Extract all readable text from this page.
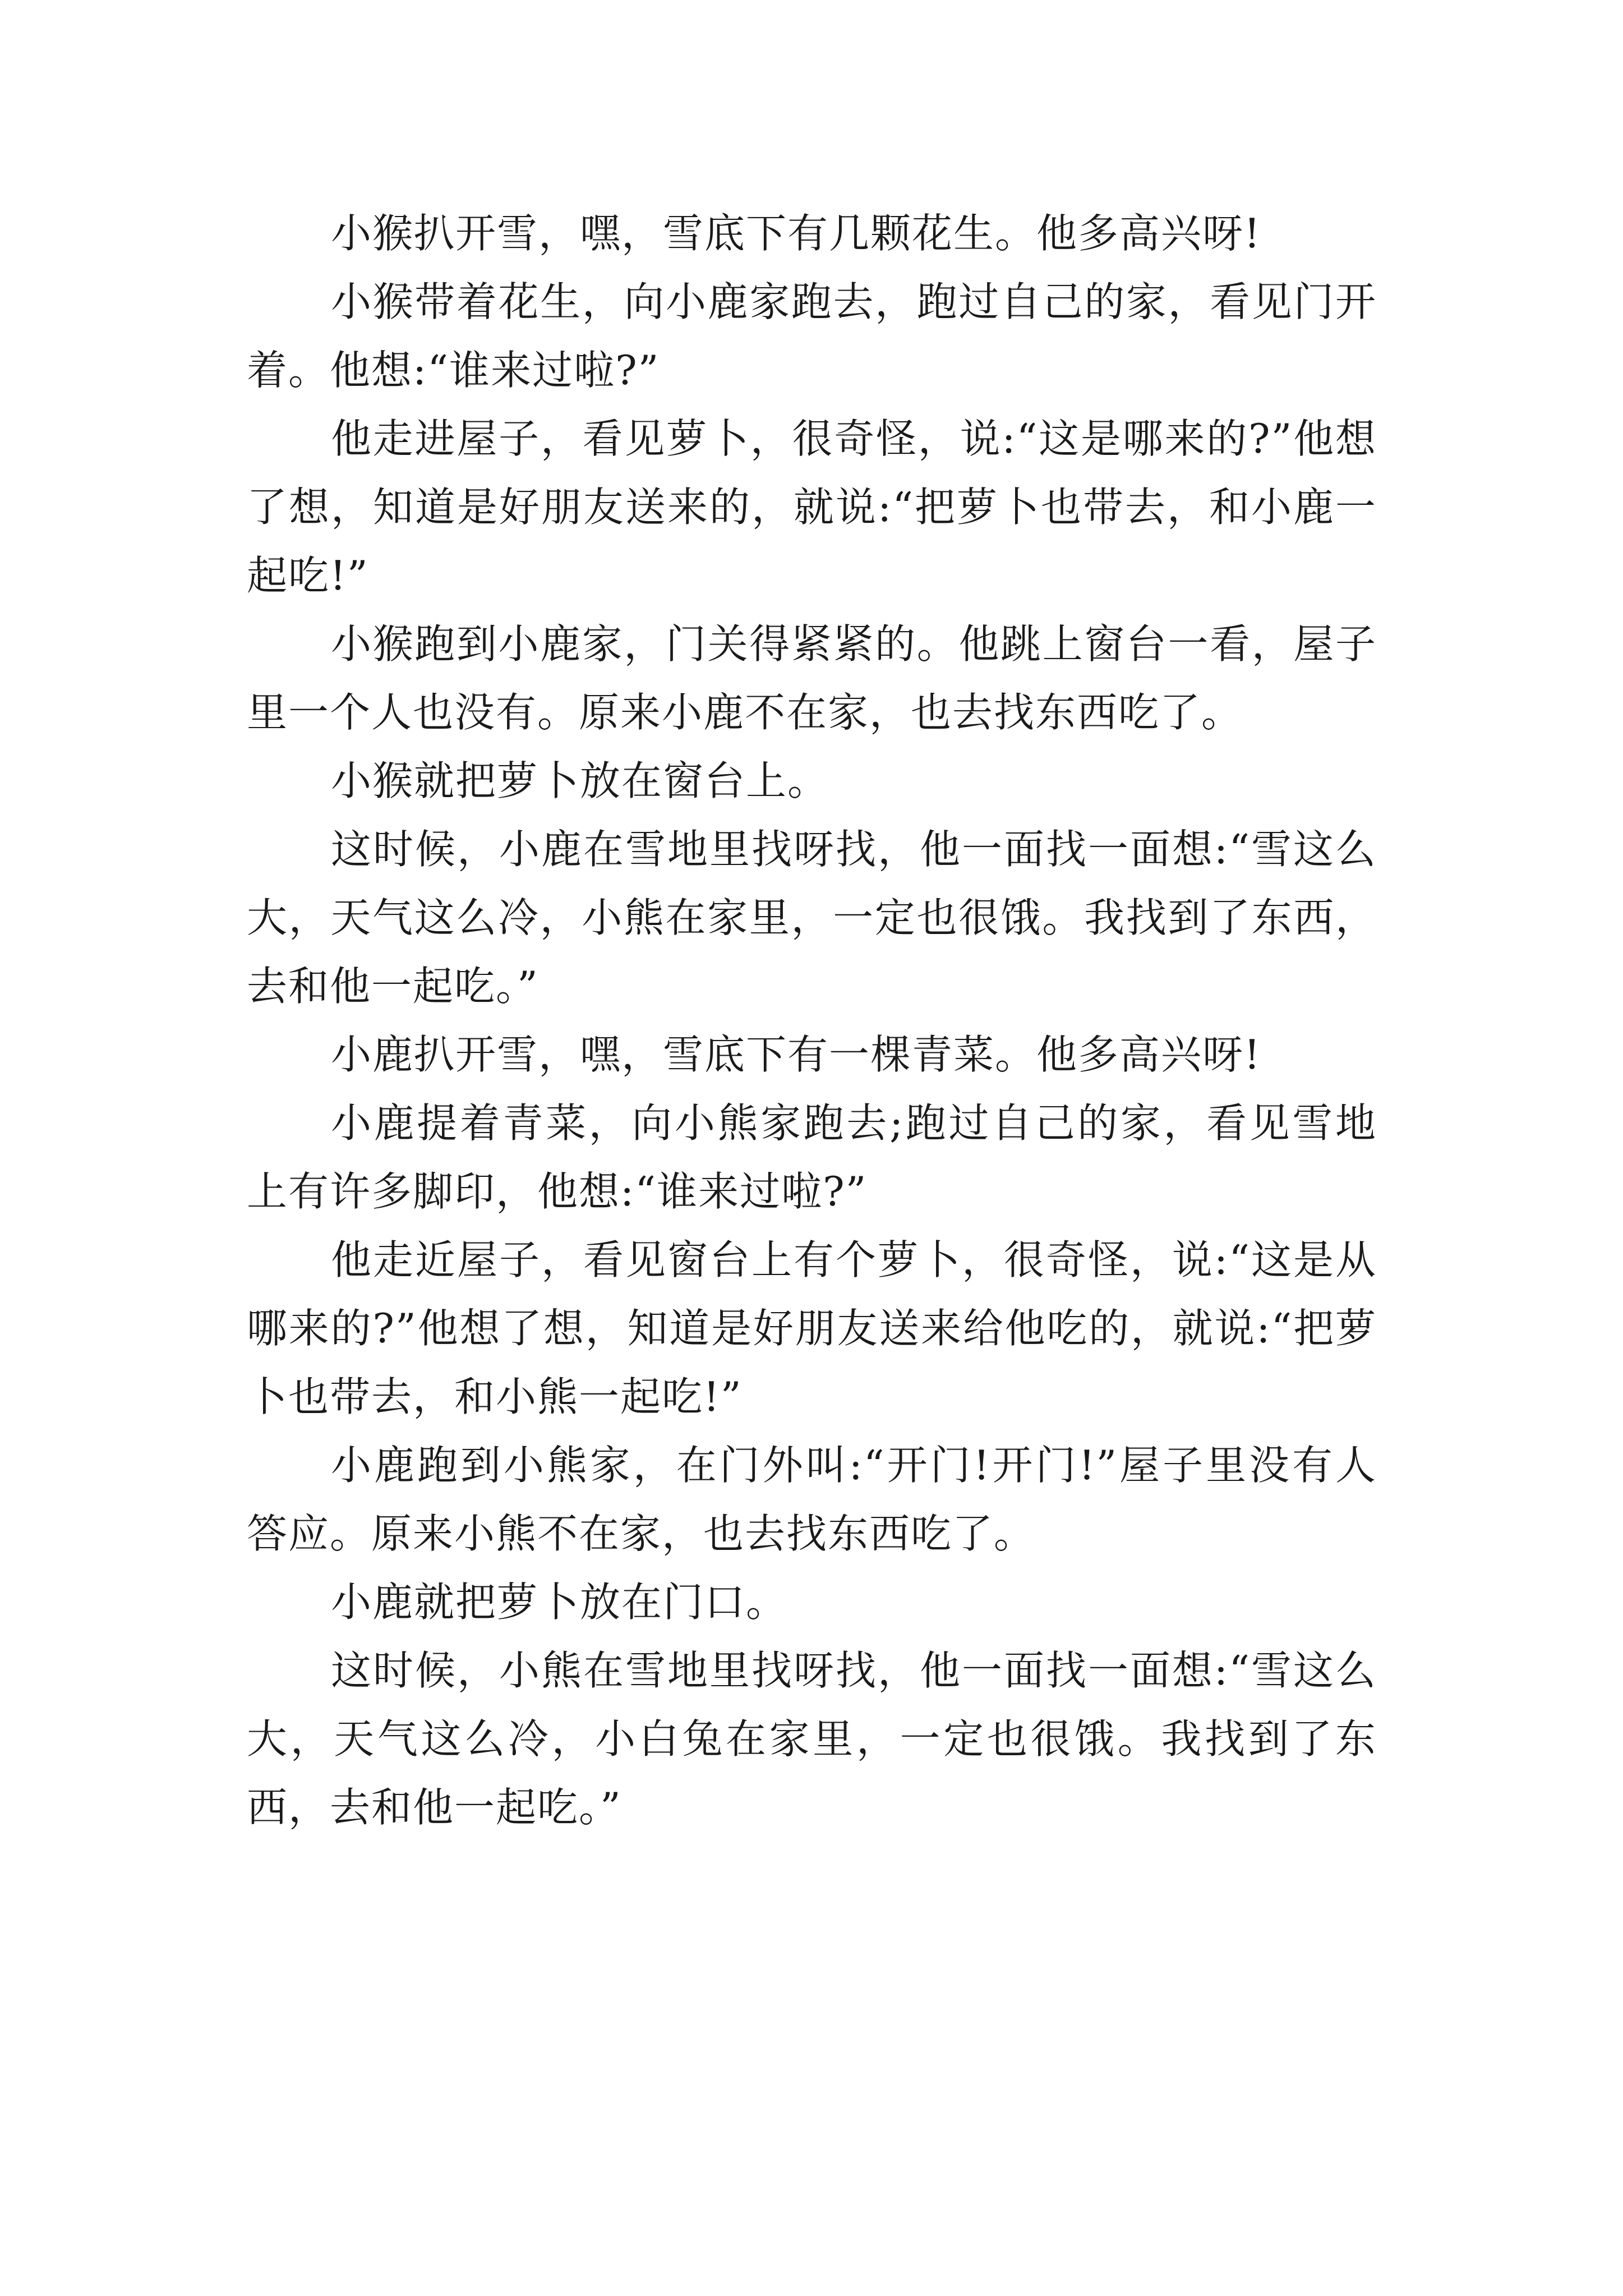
小猴扒开雪，嘿，雪底下有几颗花生。他多高兴呀!

小猴带着花生，向小鹿家跑去，跑过自己的家，看见门开着。他想:“谁来过啦?”

他走进屋子，看见萝卜，很奇怪，说:“这是哪来的?”他想了想，知道是好朋友送来的，就说:“把萝卜也带去，和小鹿一起吃!”

小猴跑到小鹿家，门关得紧紧的。他跳上窗台一看，屋子里一个人也没有。原来小鹿不在家，也去找东西吃了。

小猴就把萝卜放在窗台上。

这时候，小鹿在雪地里找呀找，他一面找一面想:“雪这么大，天气这么冷，小熊在家里，一定也很饿。我找到了东西，去和他一起吃。”

小鹿扒开雪，嘿，雪底下有一棵青菜。他多高兴呀!

小鹿提着青菜，向小熊家跑去;跑过自己的家，看见雪地上有许多脚印，他想:“谁来过啦?”

他走近屋子，看见窗台上有个萝卜，很奇怪，说:“这是从哪来的?”他想了想，知道是好朋友送来给他吃的，就说:“把萝卜也带去，和小熊一起吃!”

小鹿跑到小熊家，在门外叫:“开门!开门!”屋子里没有人答应。原来小熊不在家，也去找东西吃了。

小鹿就把萝卜放在门口。

这时候，小熊在雪地里找呀找，他一面找一面想:“雪这么大，天气这么冷，小白兔在家里，一定也很饿。我找到了东西，去和他一起吃。”
